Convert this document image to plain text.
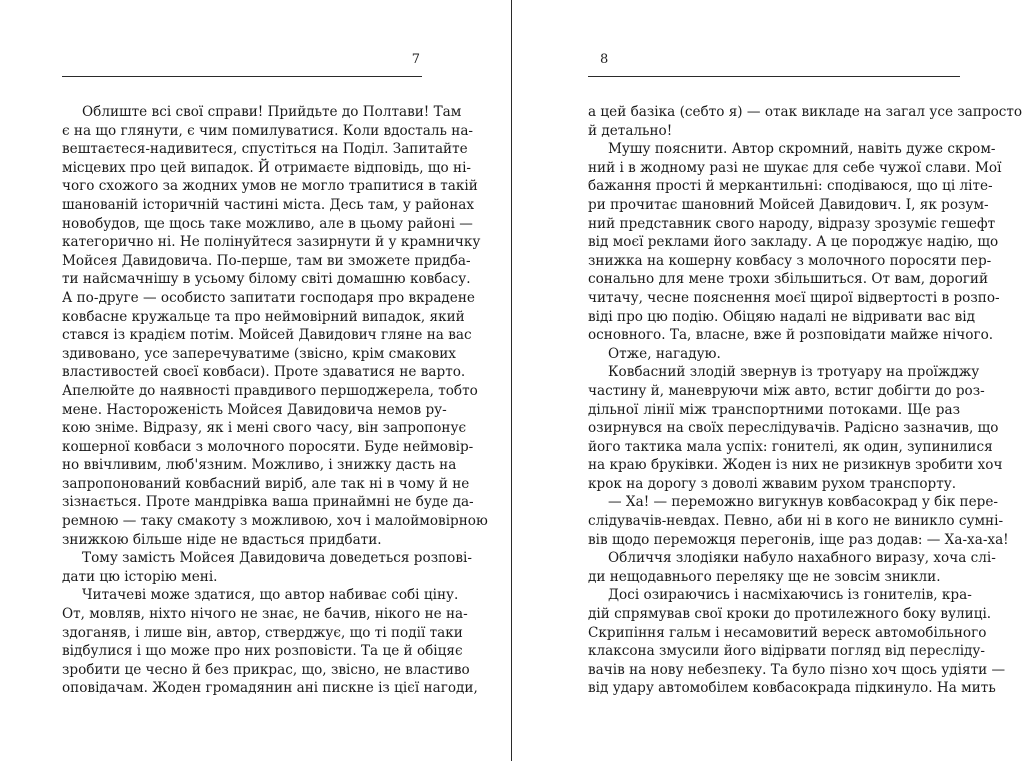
7
Облиште всі свої справи! Прийдьте до Полтави! Там
є на що глянути, є чим помилуватися. Коли вдосталь на-
вештаєтеся-надивитеся, спустіться на Поділ. Запитайте
місцевих про цей випадок. Й отримаєте відповідь, що ні-
чого схожого за жодних умов не могло трапитися в такій
шанованій історичній частині міста. Десь там, у районах
новобудов, ще щось таке можливо, але в цьому районі —
категорично ні. Не полінуйтеся зазирнути й у крамничку
Мойсея Давидовича. По-перше, там ви зможете придба-
ти найсмачнішу в усьому білому світі домашню ковбасу.
А по-друге — особисто запитати господаря про вкрадене
ковбасне кружальце та про неймовірний випадок, який
стався із крадієм потім. Мойсей Давидович гляне на вас
здивовано, усе заперечуватиме (звісно, крім смакових
властивостей своєї ковбаси). Проте здаватися не варто.
Апелюйте до наявності правдивого першоджерела, тобто
мене. Настороженість Мойсея Давидовича немов ру-
кою зніме. Відразу, як і мені свого часу, він запропонує
кошерної ковбаси з молочного поросяти. Буде неймовір-
но ввічливим, люб'язним. Можливо, і знижку дасть на
запропонований ковбасний виріб, але так ні в чому й не
зізнається. Проте мандрівка ваша принаймні не буде да-
ремною — таку смакоту з можливою, хоч і малоймовірною
знижкою більше ніде не вдасться придбати.
Тому замість Мойсея Давидовича доведеться розпові-
дати цю історію мені.
Читачеві може здатися, що автор набиває собі ціну.
От, мовляв, ніхто нічого не знає, не бачив, нікого не на-
здоганяв, і лише він, автор, стверджує, що ті події таки
відбулися і що може про них розповісти. Та це й обіцяє
зробити це чесно й без прикрас, що, звісно, не властиво
оповідачам. Жоден громадянин ані пискне із цієї нагоди,
8
а цей базіка (себто я) — отак викладе на загал усе запросто
й детально!
Мушу пояснити. Автор скромний, навіть дуже скром-
ний і в жодному разі не шукає для себе чужої слави. Мої
бажання прості й меркантильні: сподіваюся, що ці літе-
ри прочитає шановний Мойсей Давидович. І, як розум-
ний представник свого народу, відразу зрозуміє гешефт
від моєї реклами його закладу. А це породжує надію, що
знижка на кошерну ковбасу з молочного поросяти пер-
сонально для мене трохи збільшиться. От вам, дорогий
читачу, чесне пояснення моєї щирої відвертості в розпо-
віді про цю подію. Обіцяю надалі не відривати вас від
основного. Та, власне, вже й розповідати майже нічого.
Отже, нагадую.
Ковбасний злодій звернув із тротуару на проїжджу
частину й, маневруючи між авто, встиг добігти до роз-
дільної лінії між транспортними потоками. Ще раз
озирнувся на своїх переслідувачів. Радісно зазначив, що
його тактика мала успіх: гонителі, як один, зупинилися
на краю бруківки. Жоден із них не ризикнув зробити хоч
крок на дорогу з доволі жвавим рухом транспорту.
— Ха! — переможно вигукнув ковбасокрад у бік пере-
слідувачів-невдах. Певно, аби ні в кого не виникло сумні-
вів щодо переможця перегонів, іще раз додав: — Ха-ха-ха!
Обличчя злодіяки набуло нахабного виразу, хоча слі-
ди нещодавнього переляку ще не зовсім зникли.
Досі озираючись і насміхаючись із гонителів, кра-
дій спрямував свої кроки до протилежного боку вулиці.
Скрипіння гальм і несамовитий вереск автомобільного
клаксона змусили його відірвати погляд від пересліду-
вачів на нову небезпеку. Та було пізно хоч щось удіяти —
від удару автомобілем ковбасокрада підкинуло. На мить
